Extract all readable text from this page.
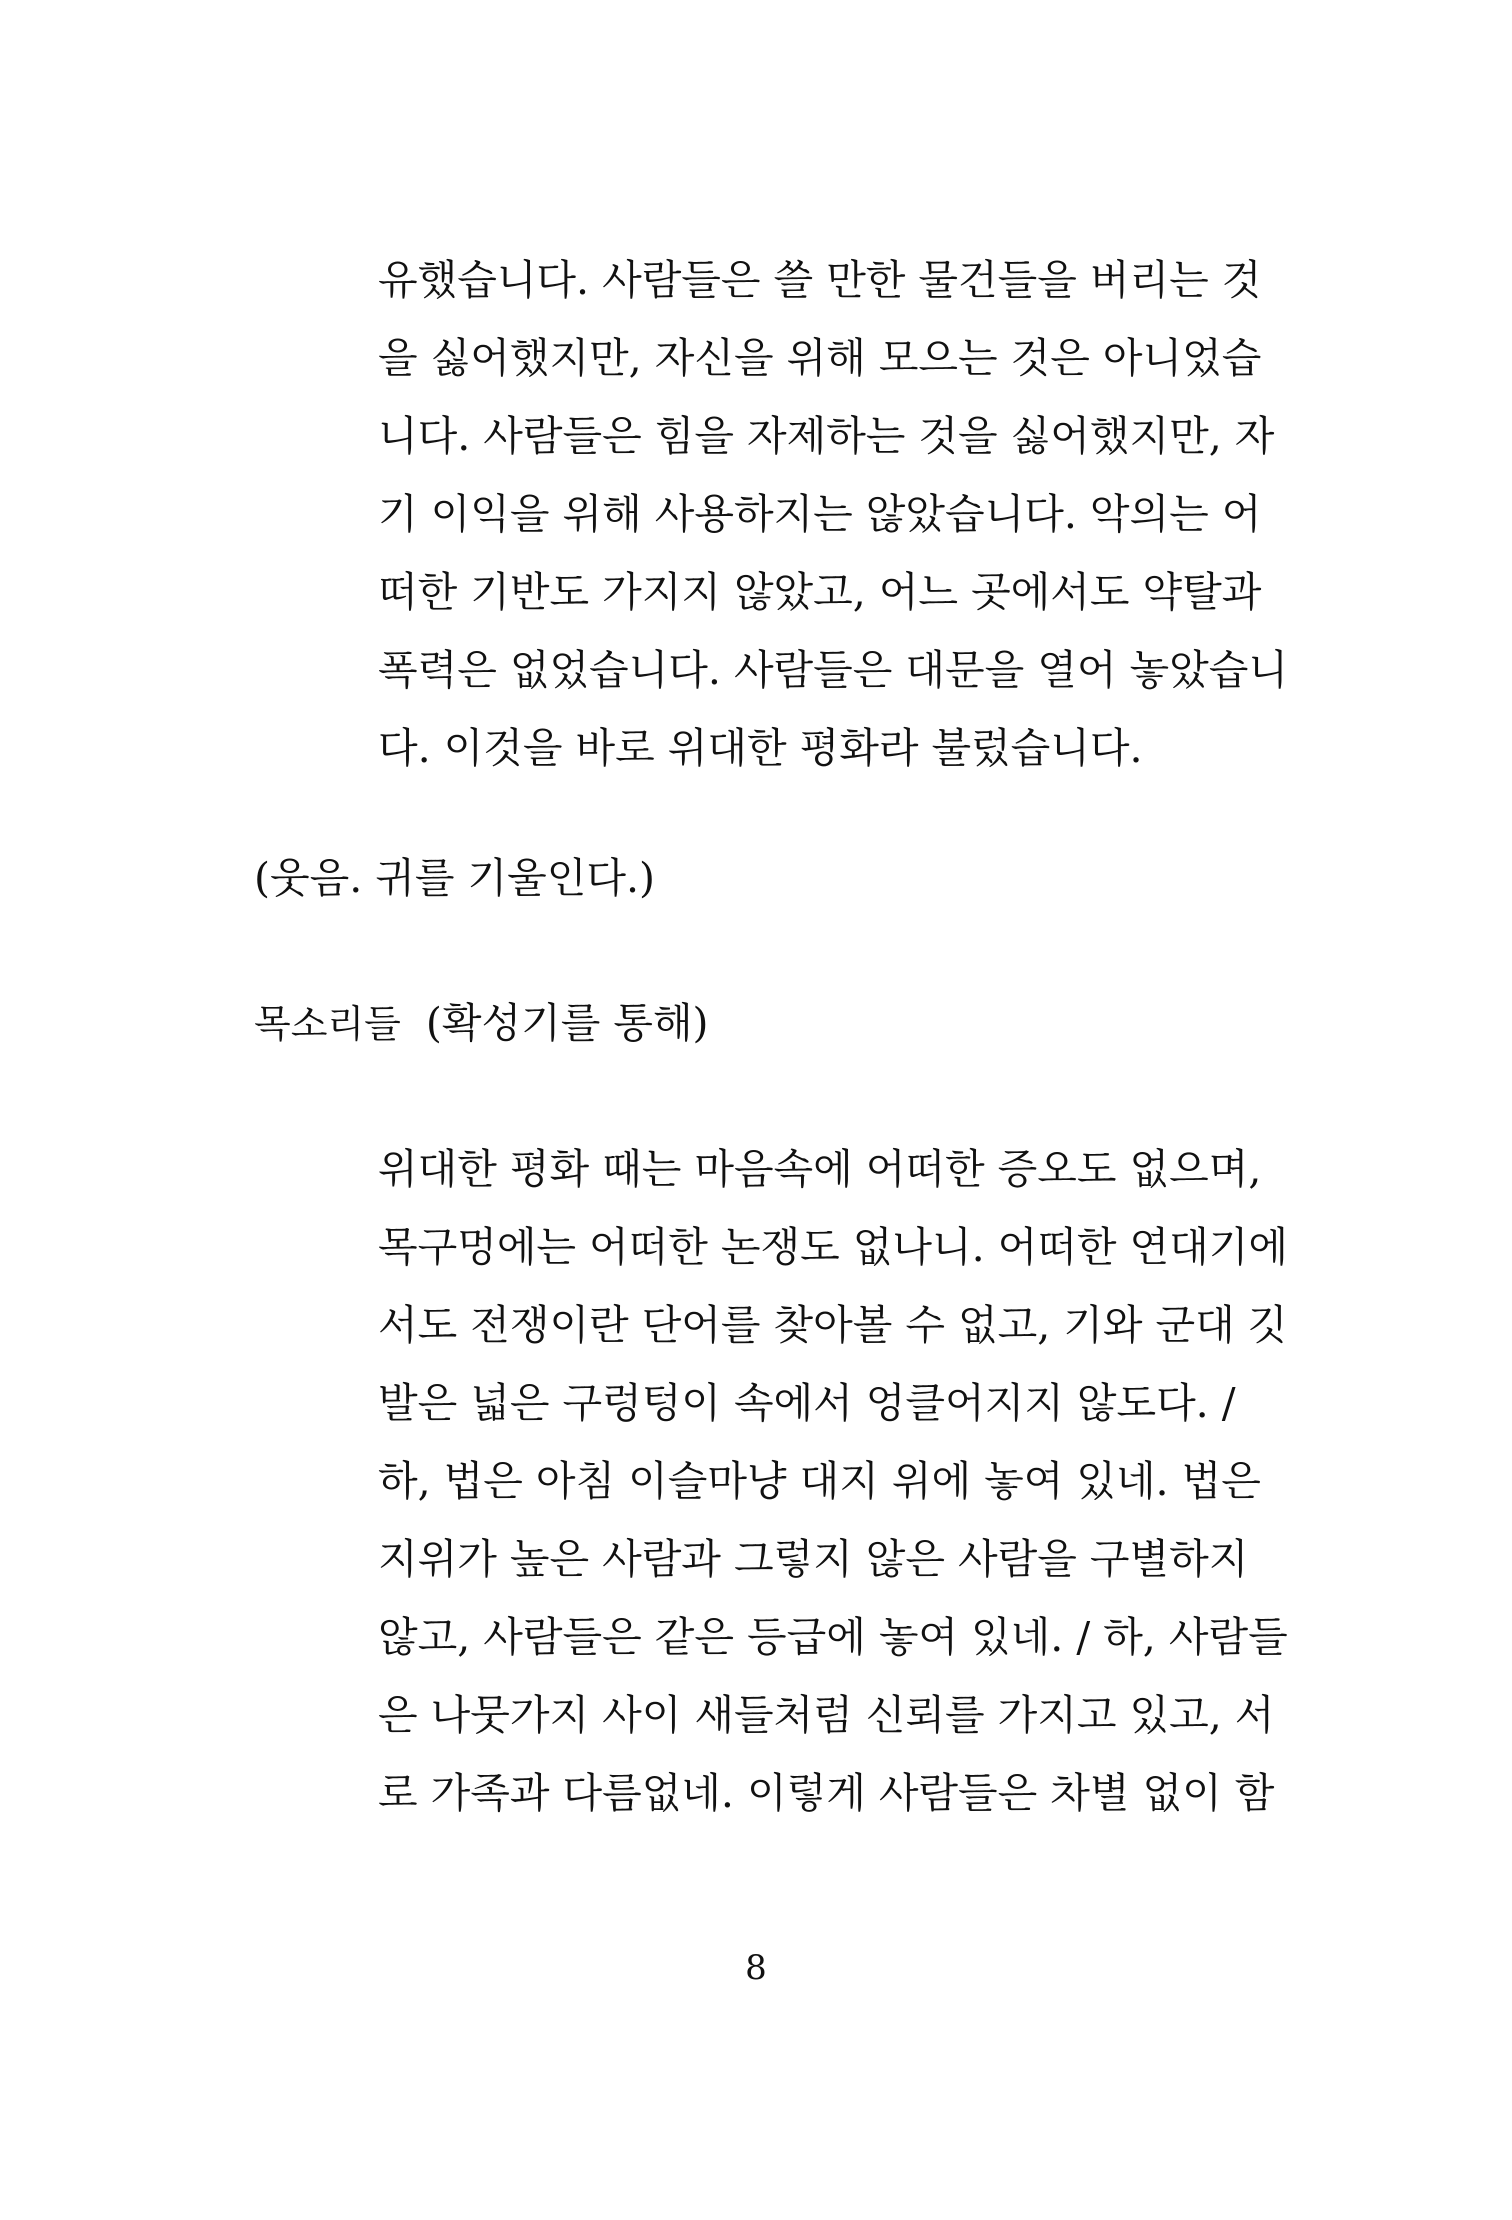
유했습니다. 사람들은 쓸 만한 물건들을 버리는 것
을 싫어했지만, 자신을 위해 모으는 것은 아니었습
니다. 사람들은 힘을 자제하는 것을 싫어했지만, 자
기 이익을 위해 사용하지는 않았습니다. 악의는 어
떠한 기반도 가지지 않았고, 어느 곳에서도 약탈과
폭력은 없었습니다. 사람들은 대문을 열어 놓았습니
다. 이것을 바로 위대한 평화라 불렀습니다.
(웃음. 귀를 기울인다.)
목소리들 (확성기를 통해)
위대한 평화 때는 마음속에 어떠한 증오도 없으며,
목구멍에는 어떠한 논쟁도 없나니. 어떠한 연대기에
서도 전쟁이란 단어를 찾아볼 수 없고, 기와 군대 깃
발은 넓은 구렁텅이 속에서 엉클어지지 않도다. /
하, 법은 아침 이슬마냥 대지 위에 놓여 있네. 법은
지위가 높은 사람과 그렇지 않은 사람을 구별하지
않고, 사람들은 같은 등급에 놓여 있네. / 하, 사람들
은 나뭇가지 사이 새들처럼 신뢰를 가지고 있고, 서
로 가족과 다름없네. 이렇게 사람들은 차별 없이 함
8
